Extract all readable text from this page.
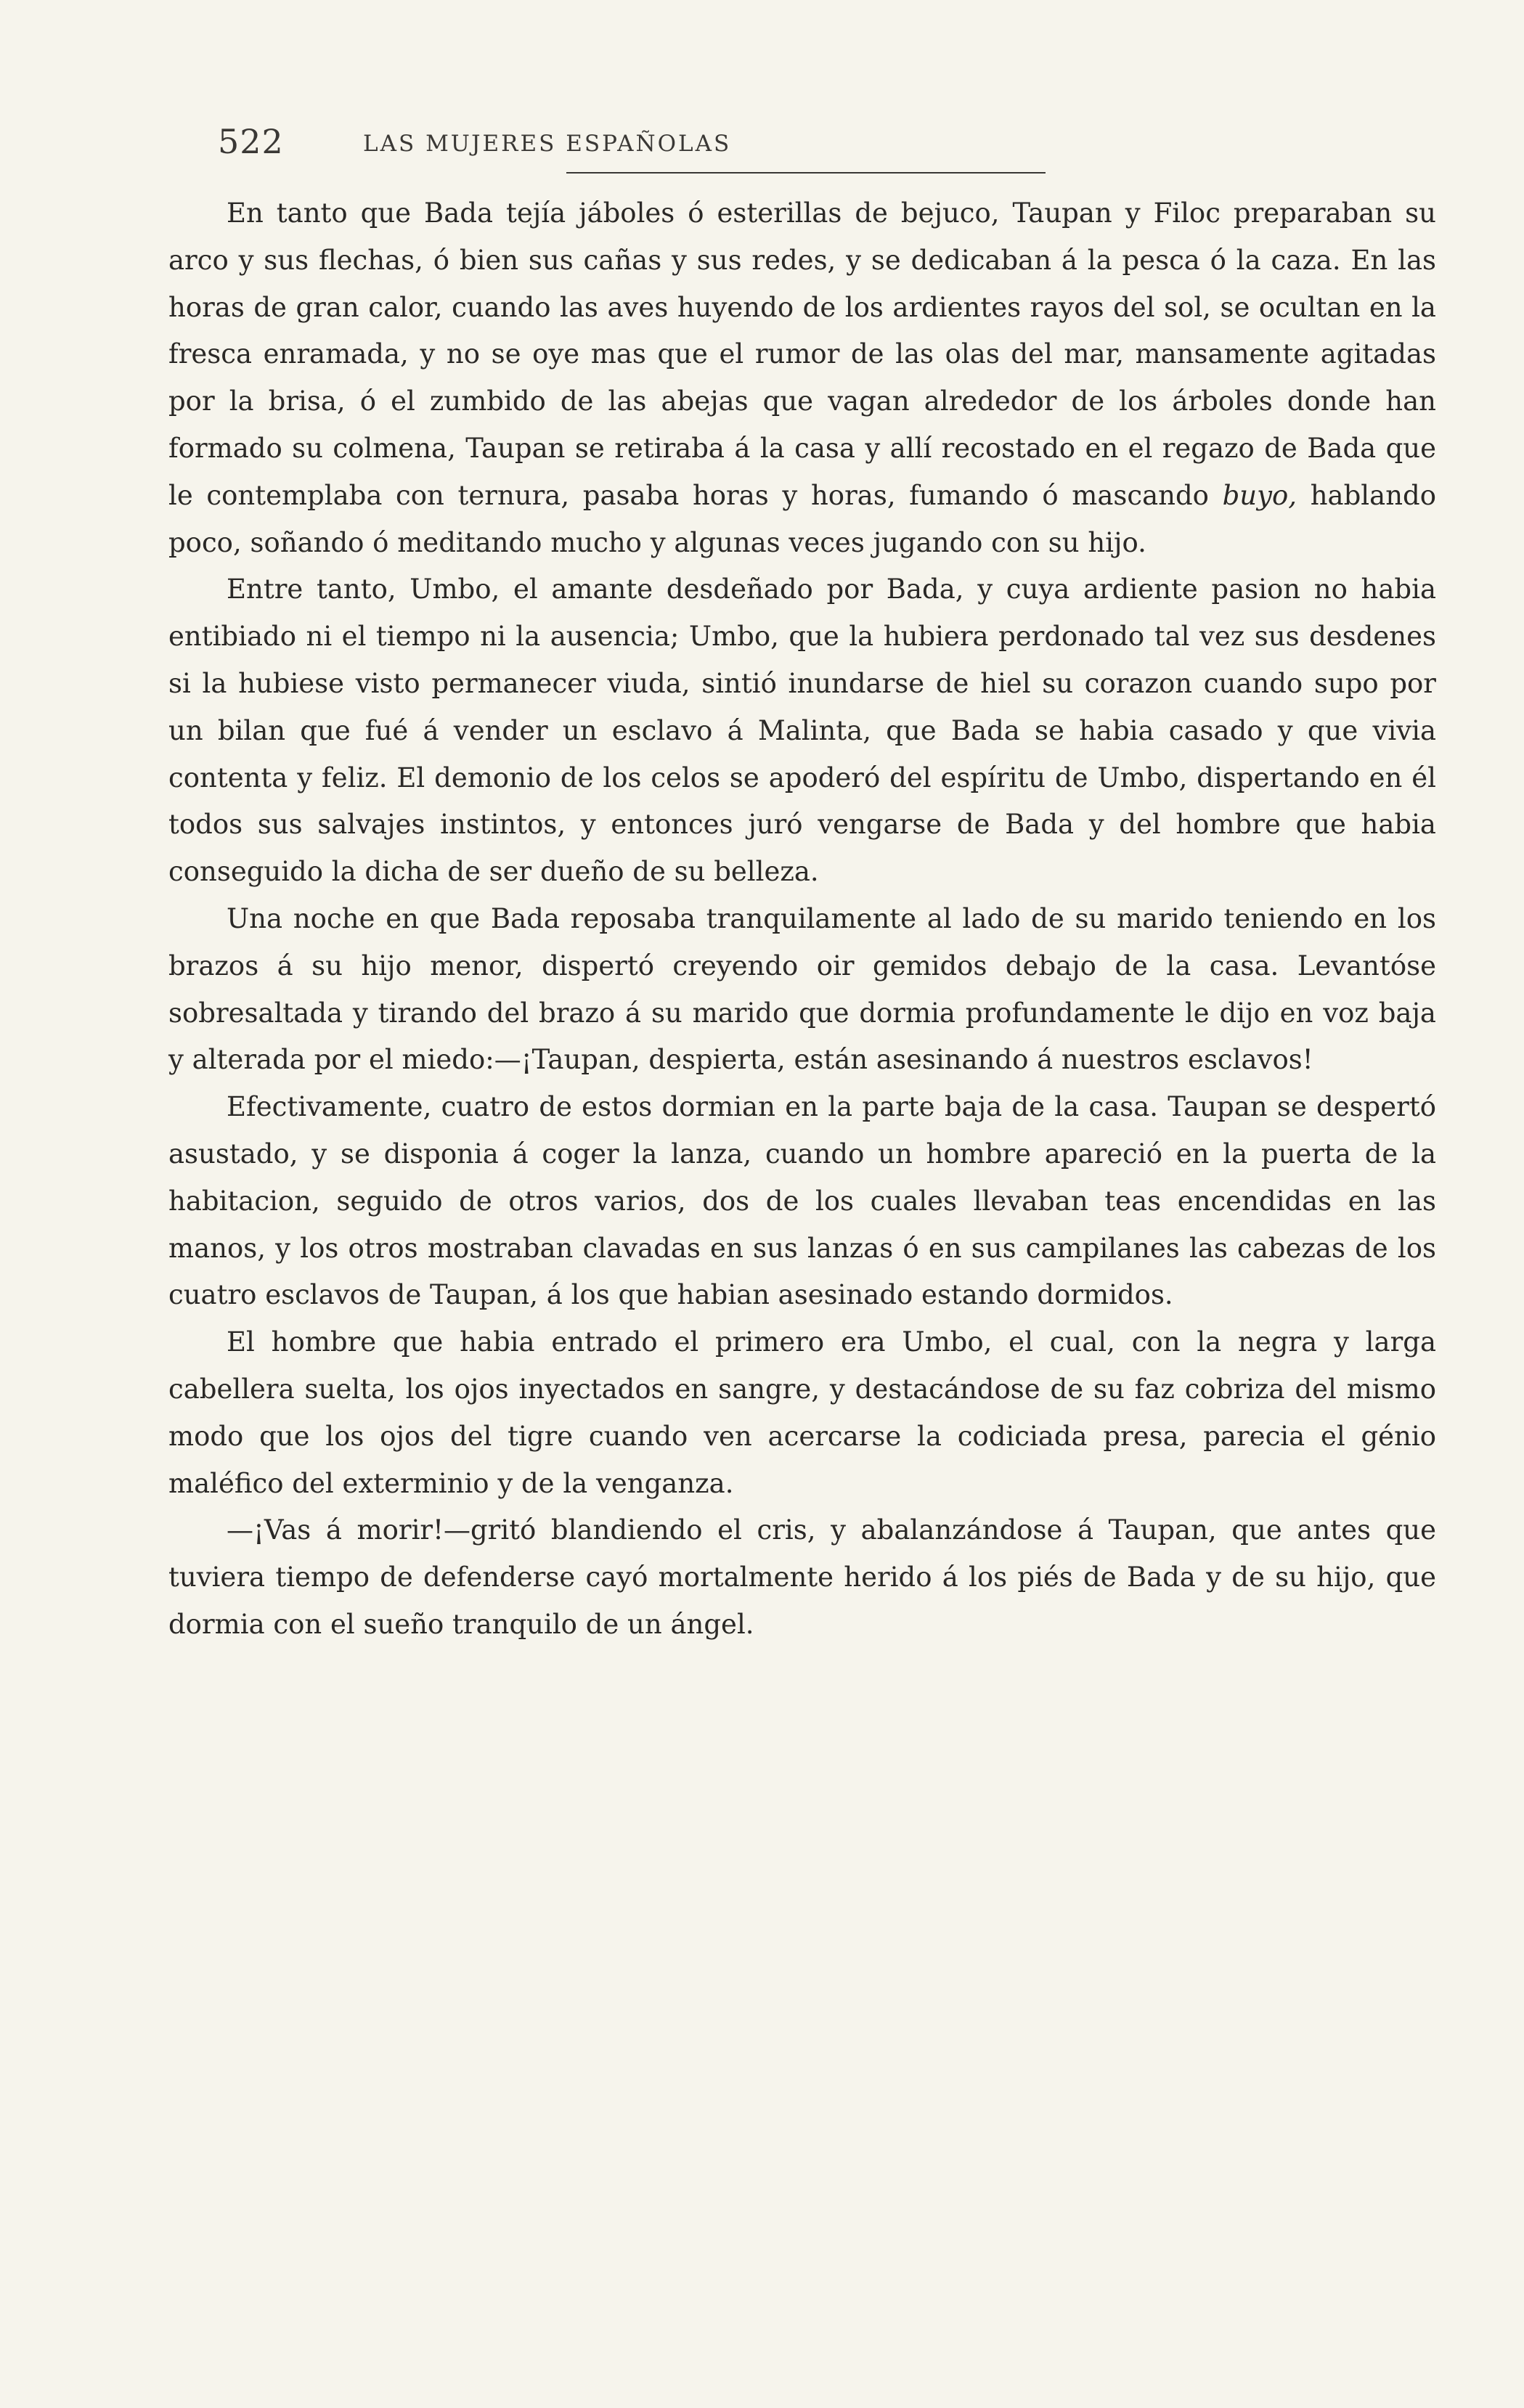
522	LAS MUJERES ESPAÑOLAS

En tanto que Bada tejía jáboles ó esterillas de bejuco, Taupan y Filoc preparaban su arco y sus flechas, ó bien sus cañas y sus redes, y se dedicaban á la pesca ó la caza. En las horas de gran calor, cuando las aves huyendo de los ardientes rayos del sol, se ocultan en la fresca enramada, y no se oye mas que el rumor de las olas del mar, mansamente agitadas por la brisa, ó el zumbido de las abejas que vagan alrededor de los árboles donde han formado su colmena, Taupan se retiraba á la casa y allí recostado en el regazo de Bada que le contemplaba con ternura, pasaba horas y horas, fumando ó mascando buyo, hablando poco, soñando ó meditando mucho y algunas veces jugando con su hijo.

Entre tanto, Umbo, el amante desdeñado por Bada, y cuya ardiente pasion no habia entibiado ni el tiempo ni la ausencia; Umbo, que la hubiera perdonado tal vez sus desdenes si la hubiese visto permanecer viuda, sintió inundarse de hiel su corazon cuando supo por un bilan que fué á vender un esclavo á Malinta, que Bada se habia casado y que vivia contenta y feliz. El demonio de los celos se apoderó del espíritu de Umbo, dispertando en él todos sus salvajes instintos, y entonces juró vengarse de Bada y del hombre que habia conseguido la dicha de ser dueño de su belleza.

Una noche en que Bada reposaba tranquilamente al lado de su marido teniendo en los brazos á su hijo menor, dispertó creyendo oir gemidos debajo de la casa. Levantóse sobresaltada y tirando del brazo á su marido que dormia profundamente le dijo en voz baja y alterada por el miedo:—¡Taupan, despierta, están asesinando á nuestros esclavos!

Efectivamente, cuatro de estos dormian en la parte baja de la casa. Taupan se despertó asustado, y se disponia á coger la lanza, cuando un hombre apareció en la puerta de la habitacion, seguido de otros varios, dos de los cuales llevaban teas encendidas en las manos, y los otros mostraban clavadas en sus lanzas ó en sus campilanes las cabezas de los cuatro esclavos de Taupan, á los que habian asesinado estando dormidos.

El hombre que habia entrado el primero era Umbo, el cual, con la negra y larga cabellera suelta, los ojos inyectados en sangre, y destacándose de su faz cobriza del mismo modo que los ojos del tigre cuando ven acercarse la codiciada presa, parecia el génio maléfico del exterminio y de la venganza.

—¡Vas á morir!—gritó blandiendo el cris, y abalanzándose á Taupan, que antes que tuviera tiempo de defenderse cayó mortalmente herido á los piés de Bada y de su hijo, que dormia con el sueño tranquilo de un ángel.
